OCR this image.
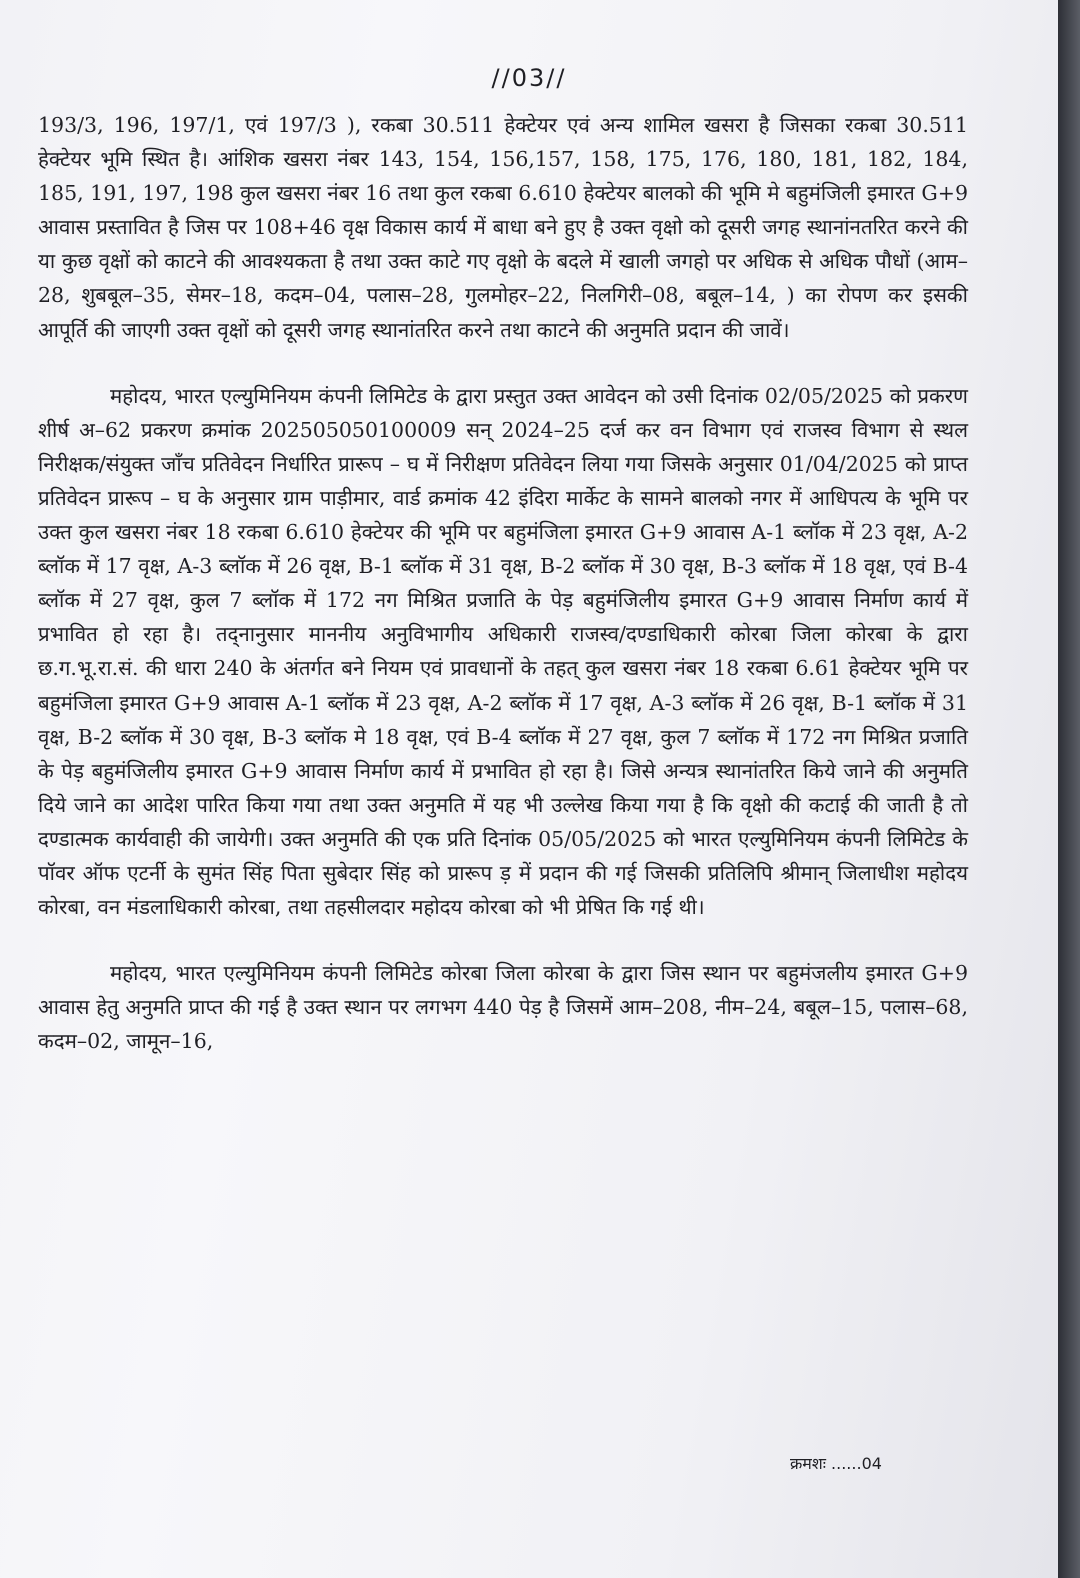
//03//

193/3, 196, 197/1, एवं 197/3 ), रकबा 30.511 हेक्टेयर एवं अन्य शामिल खसरा है जिसका रकबा 30.511 हेक्टेयर भूमि स्थित है। आंशिक खसरा नंबर 143, 154, 156,157, 158, 175, 176, 180, 181, 182, 184, 185, 191, 197, 198 कुल खसरा नंबर 16 तथा कुल रकबा 6.610 हेक्टेयर बालको की भूमि मे बहुमंजिली इमारत G+9 आवास प्रस्तावित है जिस पर 108+46 वृक्ष विकास कार्य में बाधा बने हुए है उक्त वृक्षो को दूसरी जगह स्थानांनतरित करने की या कुछ वृक्षों को काटने की आवश्यकता है तथा उक्त काटे गए वृक्षो के बदले में खाली जगहो पर अधिक से अधिक पौधों (आम–28, शुबबूल–35, सेमर–18, कदम–04, पलास–28, गुलमोहर–22, निलगिरी–08, बबूल–14, ) का रोपण कर इसकी आपूर्ति की जाएगी उक्त वृक्षों को दूसरी जगह स्थानांतरित करने तथा काटने की अनुमति प्रदान की जावें।

महोदय, भारत एल्युमिनियम कंपनी लिमिटेड के द्वारा प्रस्तुत उक्त आवेदन को उसी दिनांक 02/05/2025 को प्रकरण शीर्ष अ–62 प्रकरण क्रमांक 202505050100009 सन् 2024–25 दर्ज कर वन विभाग एवं राजस्व विभाग से स्थल निरीक्षक/संयुक्त जाँच प्रतिवेदन निर्धारित प्रारूप – घ में निरीक्षण प्रतिवेदन लिया गया जिसके अनुसार 01/04/2025 को प्राप्त प्रतिवेदन प्रारूप – घ के अनुसार ग्राम पाड़ीमार, वार्ड क्रमांक 42 इंदिरा मार्केट के सामने बालको नगर में आधिपत्य के भूमि पर उक्त कुल खसरा नंबर 18 रकबा 6.610 हेक्टेयर की भूमि पर बहुमंजिला इमारत G+9 आवास A-1 ब्लॉक में 23 वृक्ष, A-2 ब्लॉक में 17 वृक्ष, A-3 ब्लॉक में 26 वृक्ष, B-1 ब्लॉक में 31 वृक्ष, B-2 ब्लॉक में 30 वृक्ष, B-3 ब्लॉक में 18 वृक्ष, एवं B-4 ब्लॉक में 27 वृक्ष, कुल 7 ब्लॉक में 172 नग मिश्रित प्रजाति के पेड़ बहुमंजिलीय इमारत G+9 आवास निर्माण कार्य में प्रभावित हो रहा है। तद्नानुसार माननीय अनुविभागीय अधिकारी राजस्व/दण्डाधिकारी कोरबा जिला कोरबा के द्वारा छ.ग.भू.रा.सं. की धारा 240 के अंतर्गत बने नियम एवं प्रावधानों के तहत् कुल खसरा नंबर 18 रकबा 6.61 हेक्टेयर भूमि पर बहुमंजिला इमारत G+9 आवास A-1 ब्लॉक में 23 वृक्ष, A-2 ब्लॉक में 17 वृक्ष, A-3 ब्लॉक में 26 वृक्ष, B-1 ब्लॉक में 31 वृक्ष, B-2 ब्लॉक में 30 वृक्ष, B-3 ब्लॉक मे 18 वृक्ष, एवं B-4 ब्लॉक में 27 वृक्ष, कुल 7 ब्लॉक में 172 नग मिश्रित प्रजाति के पेड़ बहुमंजिलीय इमारत G+9 आवास निर्माण कार्य में प्रभावित हो रहा है। जिसे अन्यत्र स्थानांतरित किये जाने की अनुमति दिये जाने का आदेश पारित किया गया तथा उक्त अनुमति में यह भी उल्लेख किया गया है कि वृक्षो की कटाई की जाती है तो दण्डात्मक कार्यवाही की जायेगी। उक्त अनुमति की एक प्रति दिनांक 05/05/2025 को भारत एल्युमिनियम कंपनी लिमिटेड के पॉवर ऑफ एटर्नी के सुमंत सिंह पिता सुबेदार सिंह को प्रारूप ड़ में प्रदान की गई जिसकी प्रतिलिपि श्रीमान् जिलाधीश महोदय कोरबा, वन मंडलाधिकारी कोरबा, तथा तहसीलदार महोदय कोरबा को भी प्रेषित कि गई थी।

महोदय, भारत एल्युमिनियम कंपनी लिमिटेड कोरबा जिला कोरबा के द्वारा जिस स्थान पर बहुमंजलीय इमारत G+9 आवास हेतु अनुमति प्राप्त की गई है उक्त स्थान पर लगभग 440 पेड़ है जिसमें आम–208, नीम–24, बबूल–15, पलास–68, कदम–02, जामून–16,

क्रमशः ......04
